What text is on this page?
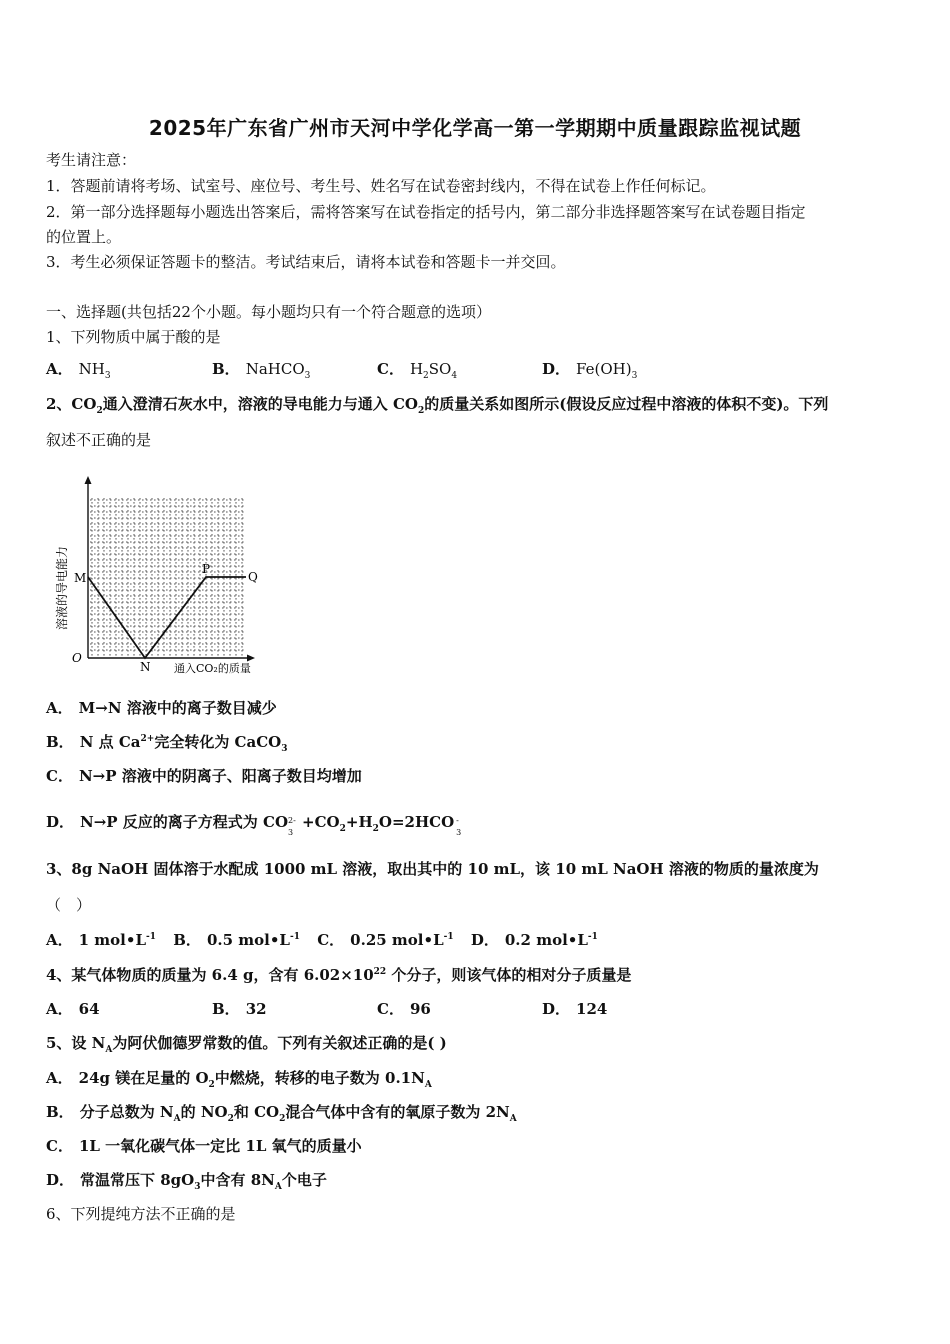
2025年广东省广州市天河中学化学高一第一学期期中质量跟踪监视试题
考生请注意：
1．答题前请将考场、试室号、座位号、考生号、姓名写在试卷密封线内，不得在试卷上作任何标记。
2．第一部分选择题每小题选出答案后，需将答案写在试卷指定的括号内，第二部分非选择题答案写在试卷题目指定
的位置上。
3．考生必须保证答题卡的整洁。考试结束后，请将本试卷和答题卡一并交回。
一、选择题(共包括22个小题。每小题均只有一个符合题意的选项）
1、下列物质中属于酸的是
A． $NH_3$	B． NaHCO$_3$	C． $H_2SO_4$	D． $Fe(OH)_3$
2、$CO_2$通入澄清石灰水中，溶液的导电能力与通入 $CO_2$的质量关系如图所示(假设反应过程中溶液的体积不变)。下列
叙述不正确的是
溶液的导电能力
通入CO₂的质量
O
M
N
P
Q
A． M→N 溶液中的离子数目减少
B． N 点 $Ca^{2+}$完全转化为 CaCO$_3$
C． N→P 溶液中的阴离子、阳离子数目均增加
D． N→P 反应的离子方程式为 CO 2-
3
$+CO_2+H_2O=2HCO$ -
3
3、8g NaOH 固体溶于水配成 1000 mL 溶液，取出其中的 10 mL，该 10 mL NaOH 溶液的物质的量浓度为
（　）
A． 1 $mol•L^{-1}$ B． 0.5 $mol•L^{-1}$ C． 0.25 $mol•L^{-1}$ D． 0.2 $mol•L^{-1}$
4、某气体物质的质量为 6.4 g，含有 $6.02\times 10^{22}$ 个分子，则该气体的相对分子质量是
A． 64	B． 32	C． 96	D． 124
5、设 $N_A$为阿伏伽德罗常数的值。下列有关叙述正确的是( )
A． 24g 镁在足量的 $O_2$中燃烧，转移的电子数为 $0.1N_A$
B． 分子总数为 $N_A$的 $NO_2$和 $CO_2$混合气体中含有的氧原子数为 $2N_A$
C． 1L 一氧化碳气体一定比 1L 氧气的质量小
D． 常温常压下 $8gO_3$中含有 $8N_A$个电子
6、下列提纯方法不正确的是
